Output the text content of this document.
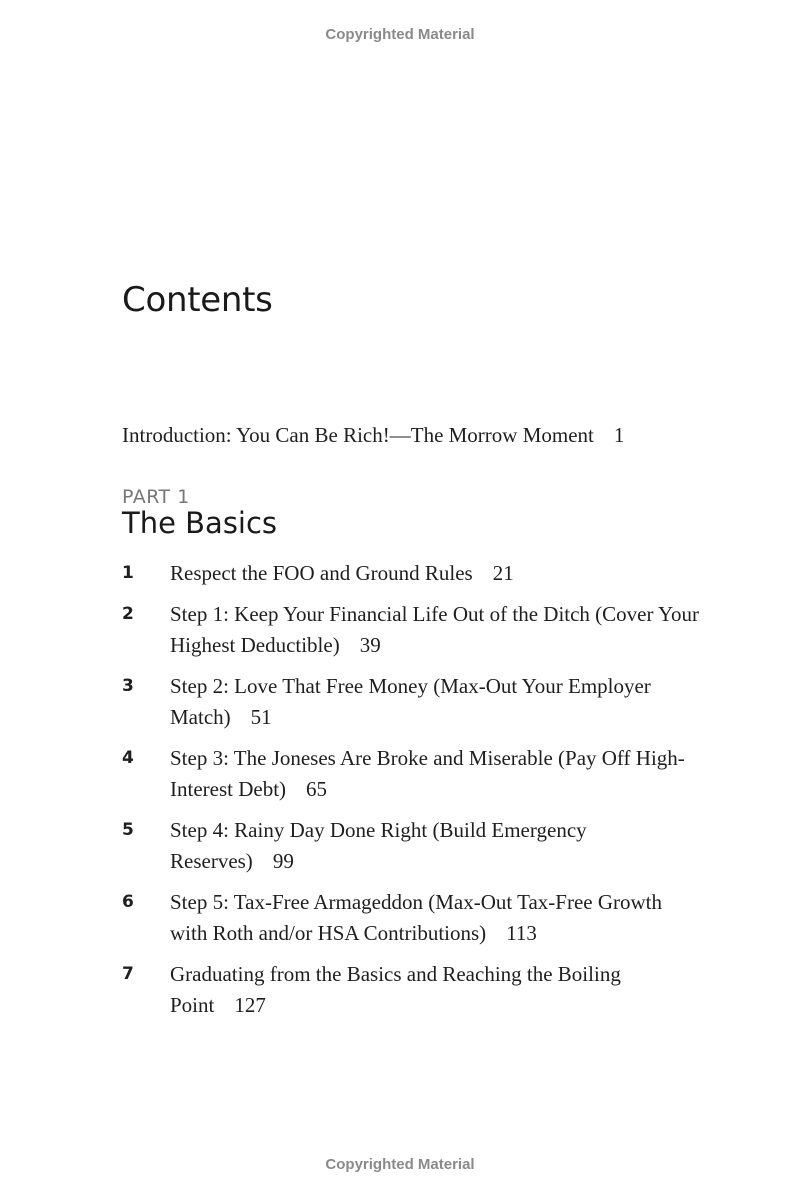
Copyrighted Material
Contents
Introduction: You Can Be Rich!—The Morrow Moment 1
PART 1
The Basics
1	Respect the FOO and Ground Rules 21
2	Step 1: Keep Your Financial Life Out of the Ditch (Cover Your Highest Deductible) 39
3	Step 2: Love That Free Money (Max-Out Your Employer Match) 51
4	Step 3: The Joneses Are Broke and Miserable (Pay Off High-Interest Debt) 65
5	Step 4: Rainy Day Done Right (Build Emergency Reserves) 99
6	Step 5: Tax-Free Armageddon (Max-Out Tax-Free Growth with Roth and/or HSA Contributions) 113
7	Graduating from the Basics and Reaching the Boiling Point 127
Copyrighted Material
